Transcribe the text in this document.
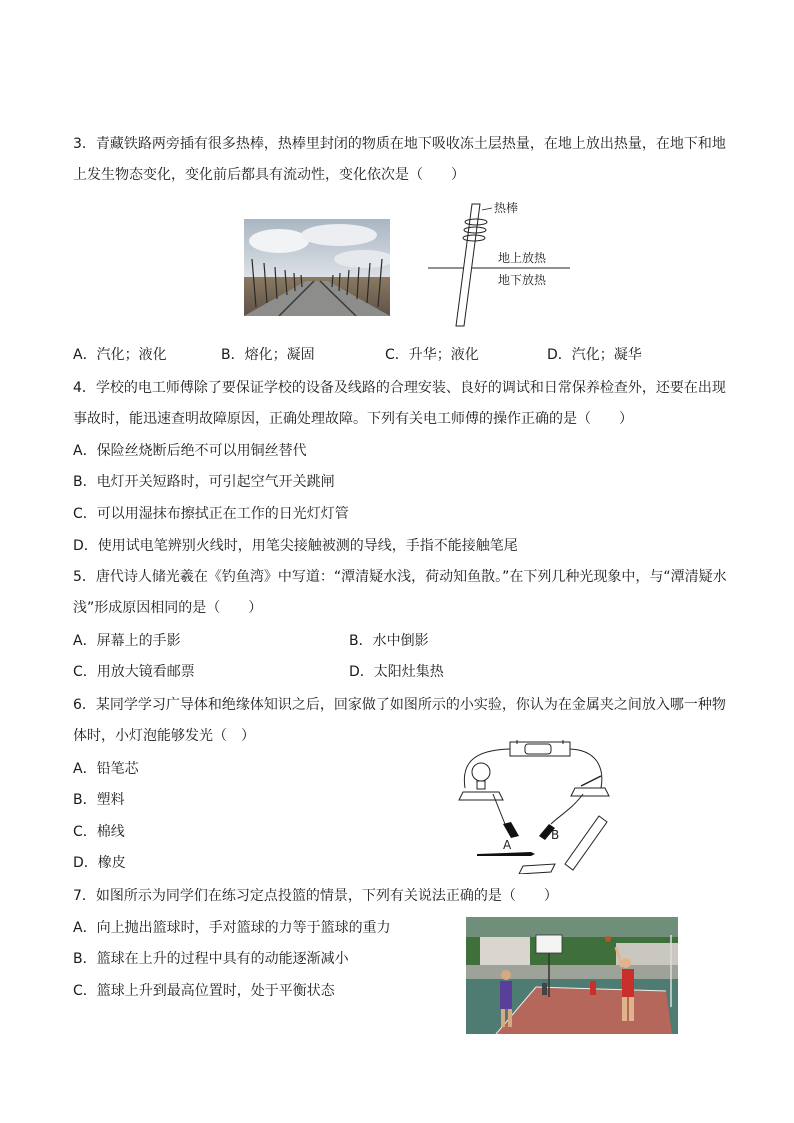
3．青藏铁路两旁插有很多热棒，热棒里封闭的物质在地下吸收冻土层热量，在地上放出热量，在地下和地
上发生物态变化，变化前后都具有流动性，变化依次是（　　）
热棒
地上放热
地下放热
A．汽化；液化	B．熔化；凝固	C．升华；液化	D．汽化；凝华
4．学校的电工师傅除了要保证学校的设备及线路的合理安装、良好的调试和日常保养检查外，还要在出现
事故时，能迅速查明故障原因，正确处理故障。下列有关电工师傅的操作正确的是（　　）
A．保险丝烧断后绝不可以用铜丝替代
B．电灯开关短路时，可引起空气开关跳闸
C．可以用湿抹布擦拭正在工作的日光灯灯管
D．使用试电笔辨别火线时，用笔尖接触被测的导线，手指不能接触笔尾
5．唐代诗人储光羲在《钓鱼湾》中写道：“潭清疑水浅，荷动知鱼散。”在下列几种光现象中，与“潭清疑水
浅”形成原因相同的是（　　）
A．屏幕上的手影	B．水中倒影
C．用放大镜看邮票	D．太阳灶集热
6．某同学学习广导体和绝缘体知识之后，回家做了如图所示的小实验，你认为在金属夹之间放入哪一种物
体时，小灯泡能够发光（　）
A．铅笔芯
B．塑料
C．棉线
D．橡皮
A
B
7．如图所示为同学们在练习定点投篮的情景，下列有关说法正确的是（　　）
A．向上抛出篮球时，手对篮球的力等于篮球的重力
B．篮球在上升的过程中具有的动能逐渐减小
C．篮球上升到最高位置时，处于平衡状态
